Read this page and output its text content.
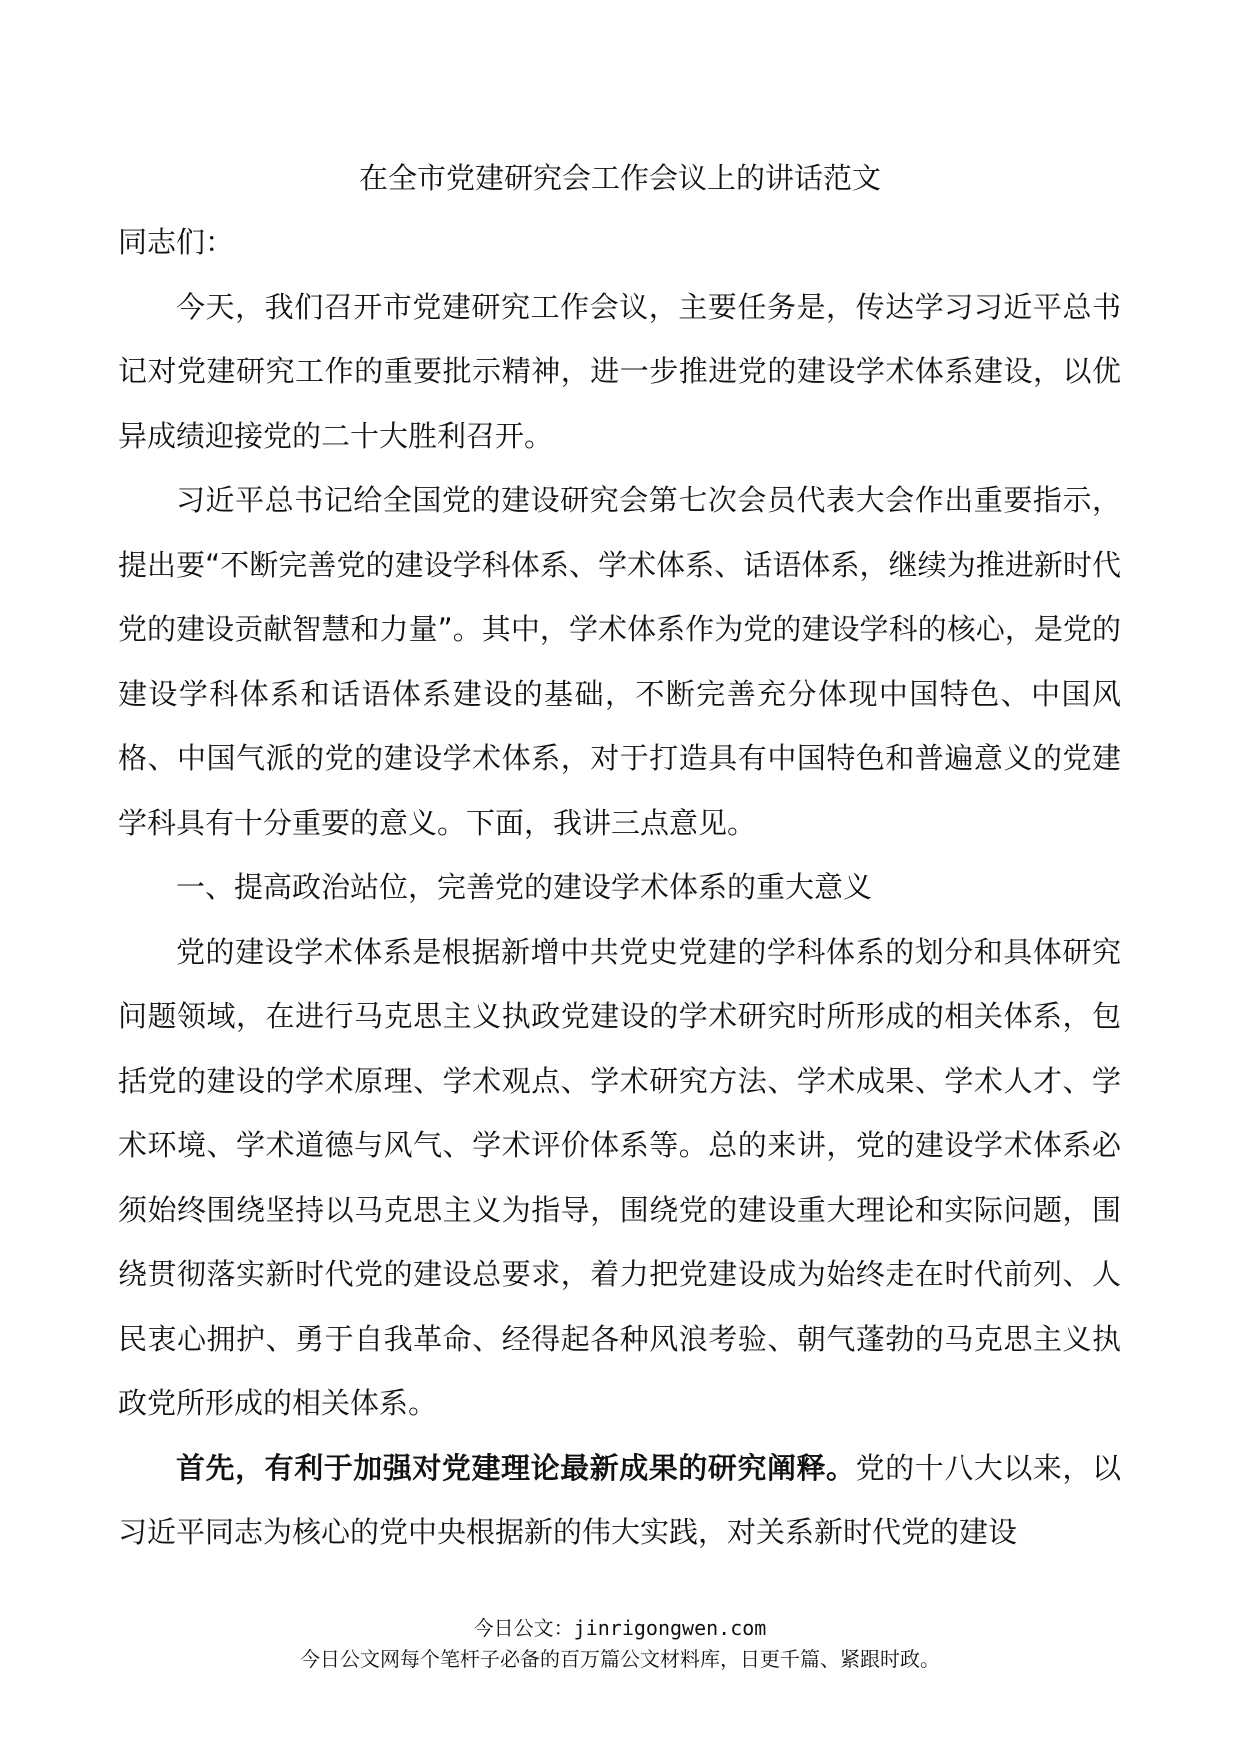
在全市党建研究会工作会议上的讲话范文

同志们：

今天，我们召开市党建研究工作会议，主要任务是，传达学习习近平总书记对党建研究工作的重要批示精神，进一步推进党的建设学术体系建设，以优异成绩迎接党的二十大胜利召开。

习近平总书记给全国党的建设研究会第七次会员代表大会作出重要指示，提出要“不断完善党的建设学科体系、学术体系、话语体系，继续为推进新时代党的建设贡献智慧和力量”。其中，学术体系作为党的建设学科的核心，是党的建设学科体系和话语体系建设的基础，不断完善充分体现中国特色、中国风格、中国气派的党的建设学术体系，对于打造具有中国特色和普遍意义的党建学科具有十分重要的意义。下面，我讲三点意见。

一、提高政治站位，完善党的建设学术体系的重大意义

党的建设学术体系是根据新增中共党史党建的学科体系的划分和具体研究问题领域，在进行马克思主义执政党建设的学术研究时所形成的相关体系，包括党的建设的学术原理、学术观点、学术研究方法、学术成果、学术人才、学术环境、学术道德与风气、学术评价体系等。总的来讲，党的建设学术体系必须始终围绕坚持以马克思主义为指导，围绕党的建设重大理论和实际问题，围绕贯彻落实新时代党的建设总要求，着力把党建设成为始终走在时代前列、人民衷心拥护、勇于自我革命、经得起各种风浪考验、朝气蓬勃的马克思主义执政党所形成的相关体系。

首先，有利于加强对党建理论最新成果的研究阐释。党的十八大以来，以习近平同志为核心的党中央根据新的伟大实践，对关系新时代党的建设

今日公文：jinrigongwen.com
今日公文网每个笔杆子必备的百万篇公文材料库，日更千篇、紧跟时政。
